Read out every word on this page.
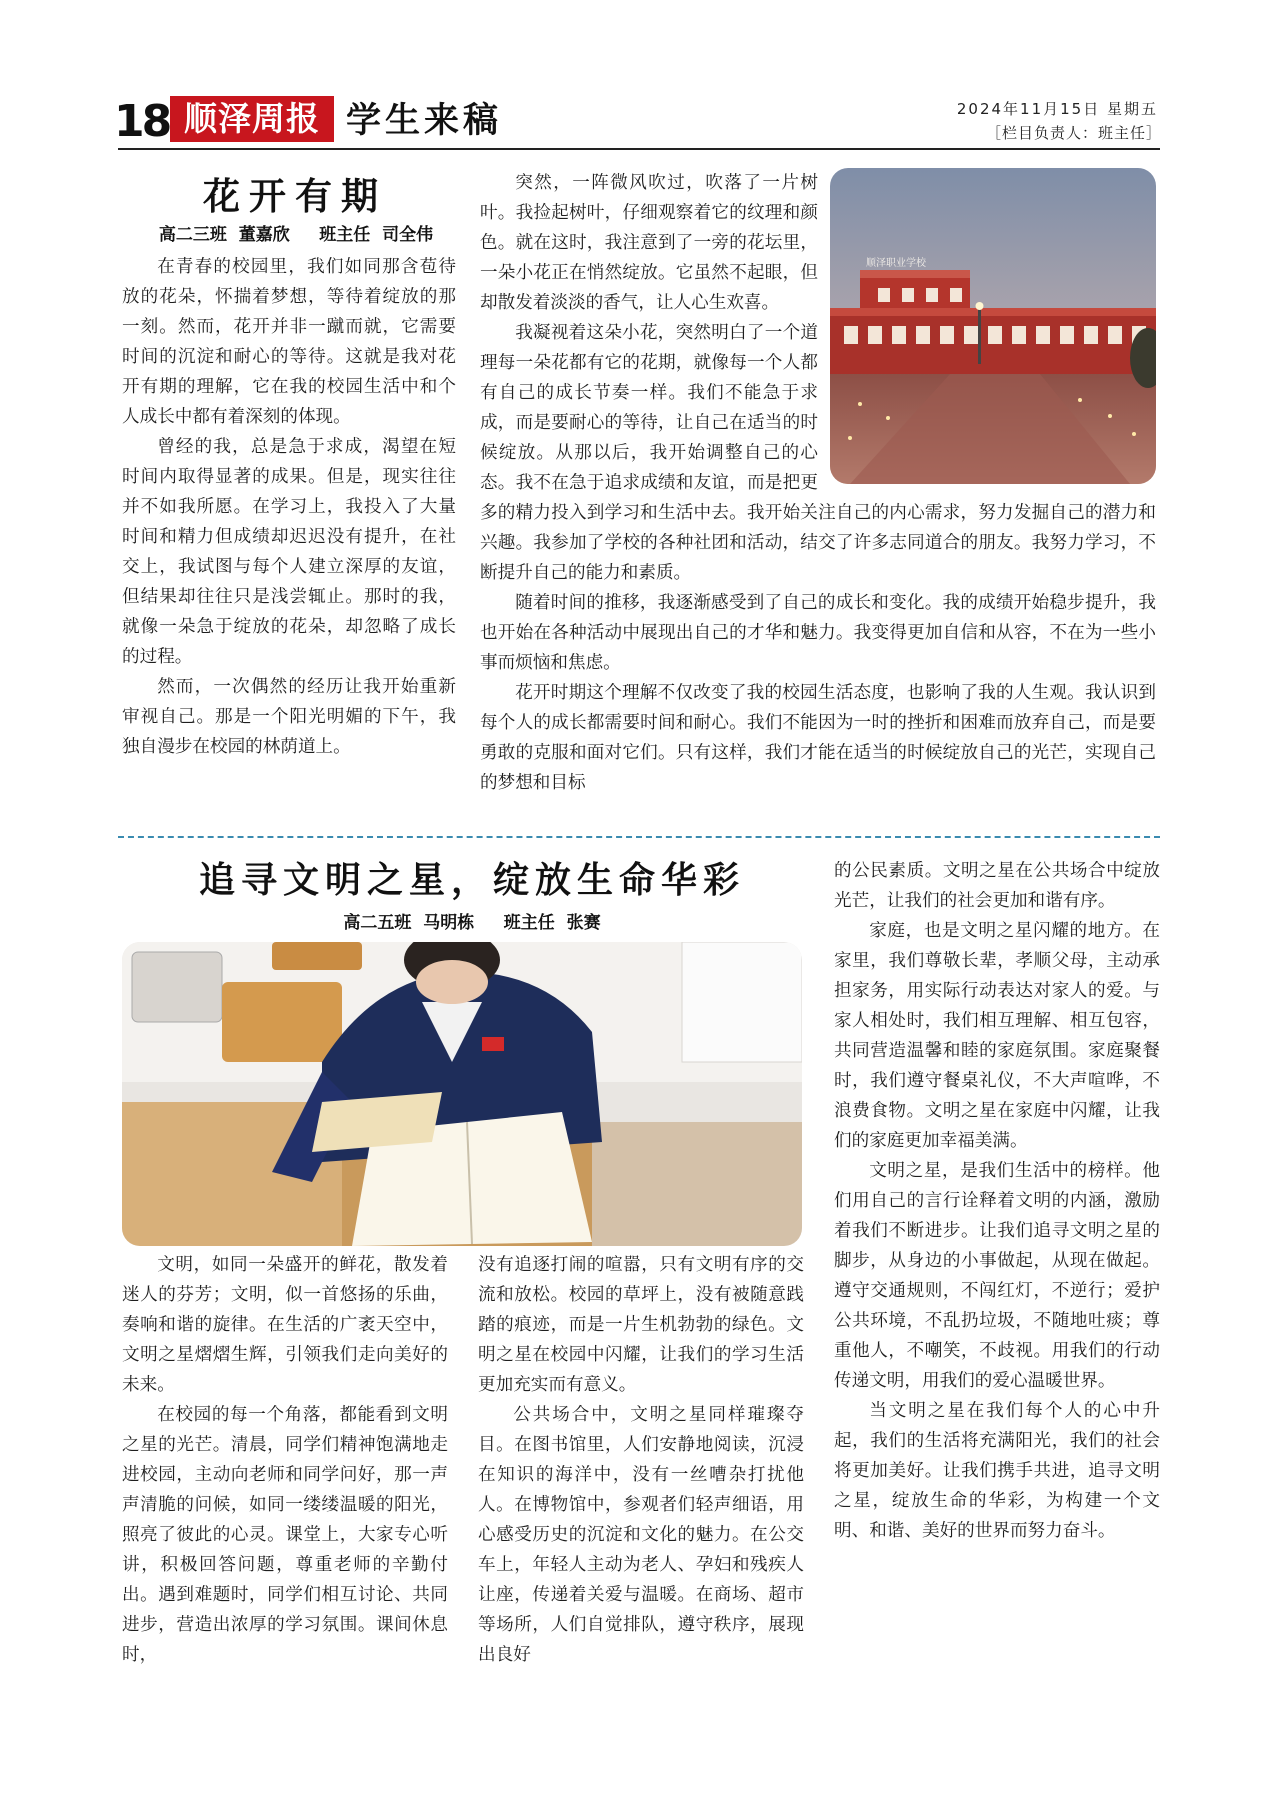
18 顺泽周报 学生来稿	2024年11月15日 星期五
［栏目负责人：班主任］
花开有期
高二三班  董嘉欣     班主任  司全伟

在青春的校园里，我们如同那含苞待放的花朵，怀揣着梦想，等待着绽放的那一刻。然而，花开并非一蹴而就，它需要时间的沉淀和耐心的等待。这就是我对花开有期的理解，它在我的校园生活中和个人成长中都有着深刻的体现。

曾经的我，总是急于求成，渴望在短时间内取得显著的成果。但是，现实往往并不如我所愿。在学习上，我投入了大量时间和精力但成绩却迟迟没有提升，在社交上，我试图与每个人建立深厚的友谊，但结果却往往只是浅尝辄止。那时的我，就像一朵急于绽放的花朵，却忽略了成长的过程。

然而，一次偶然的经历让我开始重新审视自己。那是一个阳光明媚的下午，我独自漫步在校园的林荫道上。

顺泽职业学校

突然，一阵微风吹过，吹落了一片树叶。我捡起树叶，仔细观察着它的纹理和颜色。就在这时，我注意到了一旁的花坛里，一朵小花正在悄然绽放。它虽然不起眼，但却散发着淡淡的香气，让人心生欢喜。

我凝视着这朵小花，突然明白了一个道理每一朵花都有它的花期，就像每一个人都有自己的成长节奏一样。我们不能急于求成，而是要耐心的等待，让自己在适当的时候绽放。从那以后，我开始调整自己的心态。我不在急于追求成绩和友谊，而是把更多的精力投入到学习和生活中去。我开始关注自己的内心需求，努力发掘自己的潜力和兴趣。我参加了学校的各种社团和活动，结交了许多志同道合的朋友。我努力学习，不断提升自己的能力和素质。

随着时间的推移，我逐渐感受到了自己的成长和变化。我的成绩开始稳步提升，我也开始在各种活动中展现出自己的才华和魅力。我变得更加自信和从容，不在为一些小事而烦恼和焦虑。

花开时期这个理解不仅改变了我的校园生活态度，也影响了我的人生观。我认识到每个人的成长都需要时间和耐心。我们不能因为一时的挫折和困难而放弃自己，而是要勇敢的克服和面对它们。只有这样，我们才能在适当的时候绽放自己的光芒，实现自己的梦想和目标

追寻文明之星，绽放生命华彩
高二五班  马明栋     班主任  张赛

文明，如同一朵盛开的鲜花，散发着迷人的芬芳；文明，似一首悠扬的乐曲，奏响和谐的旋律。在生活的广袤天空中，文明之星熠熠生辉，引领我们走向美好的未来。

在校园的每一个角落，都能看到文明之星的光芒。清晨，同学们精神饱满地走进校园，主动向老师和同学问好，那一声声清脆的问候，如同一缕缕温暖的阳光，照亮了彼此的心灵。课堂上，大家专心听讲，积极回答问题，尊重老师的辛勤付出。遇到难题时，同学们相互讨论、共同进步，营造出浓厚的学习氛围。课间休息时，

没有追逐打闹的喧嚣，只有文明有序的交流和放松。校园的草坪上，没有被随意践踏的痕迹，而是一片生机勃勃的绿色。文明之星在校园中闪耀，让我们的学习生活更加充实而有意义。

公共场合中，文明之星同样璀璨夺目。在图书馆里，人们安静地阅读，沉浸在知识的海洋中，没有一丝嘈杂打扰他人。在博物馆中，参观者们轻声细语，用心感受历史的沉淀和文化的魅力。在公交车上，年轻人主动为老人、孕妇和残疾人让座，传递着关爱与温暖。在商场、超市等场所，人们自觉排队，遵守秩序，展现出良好

的公民素质。文明之星在公共场合中绽放光芒，让我们的社会更加和谐有序。

家庭，也是文明之星闪耀的地方。在家里，我们尊敬长辈，孝顺父母，主动承担家务，用实际行动表达对家人的爱。与家人相处时，我们相互理解、相互包容，共同营造温馨和睦的家庭氛围。家庭聚餐时，我们遵守餐桌礼仪，不大声喧哗，不浪费食物。文明之星在家庭中闪耀，让我们的家庭更加幸福美满。

文明之星，是我们生活中的榜样。他们用自己的言行诠释着文明的内涵，激励着我们不断进步。让我们追寻文明之星的脚步，从身边的小事做起，从现在做起。遵守交通规则，不闯红灯，不逆行；爱护公共环境，不乱扔垃圾，不随地吐痰；尊重他人，不嘲笑，不歧视。用我们的行动传递文明，用我们的爱心温暖世界。

当文明之星在我们每个人的心中升起，我们的生活将充满阳光，我们的社会将更加美好。让我们携手共进，追寻文明之星，绽放生命的华彩，为构建一个文明、和谐、美好的世界而努力奋斗。
